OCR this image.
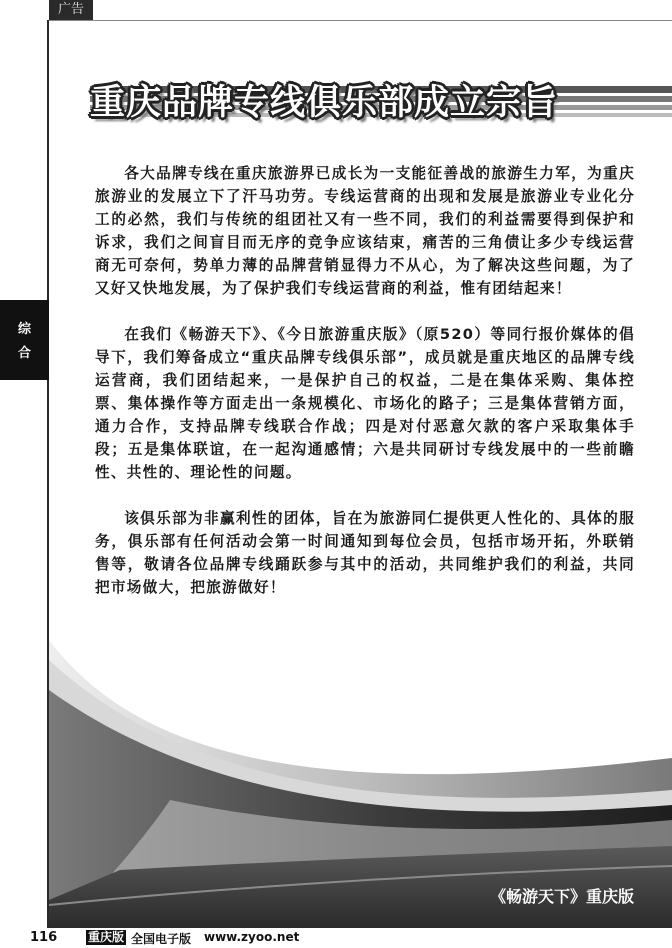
广告
综
合
重庆品牌专线俱乐部成立宗旨

各大品牌专线在重庆旅游界已成长为一支能征善战的旅游生力军，为重庆旅游业的发展立下了汗马功劳。专线运营商的出现和发展是旅游业专业化分工的必然，我们与传统的组团社又有一些不同，我们的利益需要得到保护和诉求，我们之间盲目而无序的竞争应该结束，痛苦的三角债让多少专线运营商无可奈何，势单力薄的品牌营销显得力不从心，为了解决这些问题，为了又好又快地发展，为了保护我们专线运营商的利益，惟有团结起来！

在我们《畅游天下》、《今日旅游重庆版》（原520）等同行报价媒体的倡导下，我们筹备成立“重庆品牌专线俱乐部”，成员就是重庆地区的品牌专线运营商，我们团结起来，一是保护自己的权益，二是在集体采购、集体控票、集体操作等方面走出一条规模化、市场化的路子；三是集体营销方面，通力合作，支持品牌专线联合作战；四是对付恶意欠款的客户采取集体手段；五是集体联谊，在一起沟通感情；六是共同研讨专线发展中的一些前瞻性、共性的、理论性的问题。

该俱乐部为非赢利性的团体，旨在为旅游同仁提供更人性化的、具体的服务，俱乐部有任何活动会第一时间通知到每位会员，包括市场开拓，外联销售等，敬请各位品牌专线踊跃参与其中的活动，共同维护我们的利益，共同把市场做大，把旅游做好！

《畅游天下》重庆版
116	重庆版 全国电子版 www.zyoo.net
